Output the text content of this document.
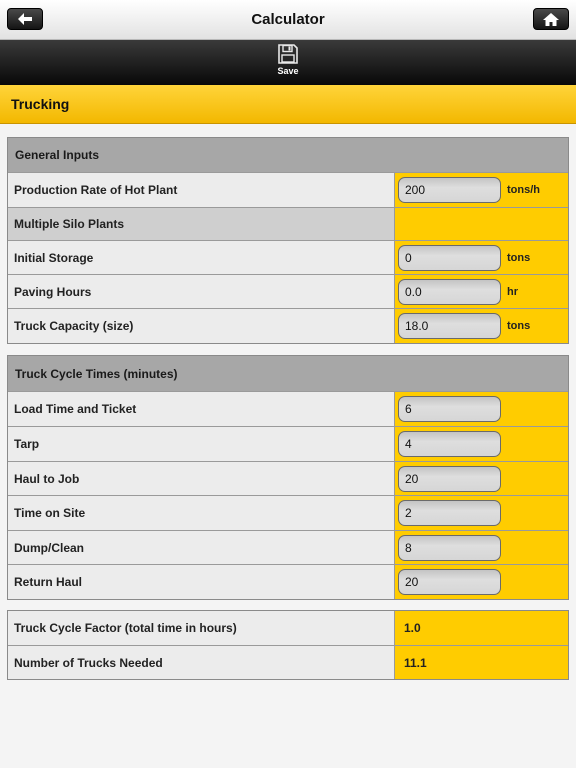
Calculator
Save
Trucking
General Inputs
Production Rate of Hot Plant	200	tons/h
Multiple Silo Plants
Initial Storage	0	tons
Paving Hours	0.0	hr
Truck Capacity (size)	18.0	tons
Truck Cycle Times (minutes)
Load Time and Ticket	6
Tarp	4
Haul to Job	20
Time on Site	2
Dump/Clean	8
Return Haul	20
Truck Cycle Factor (total time in hours)	1.0
Number of Trucks Needed	11.1
